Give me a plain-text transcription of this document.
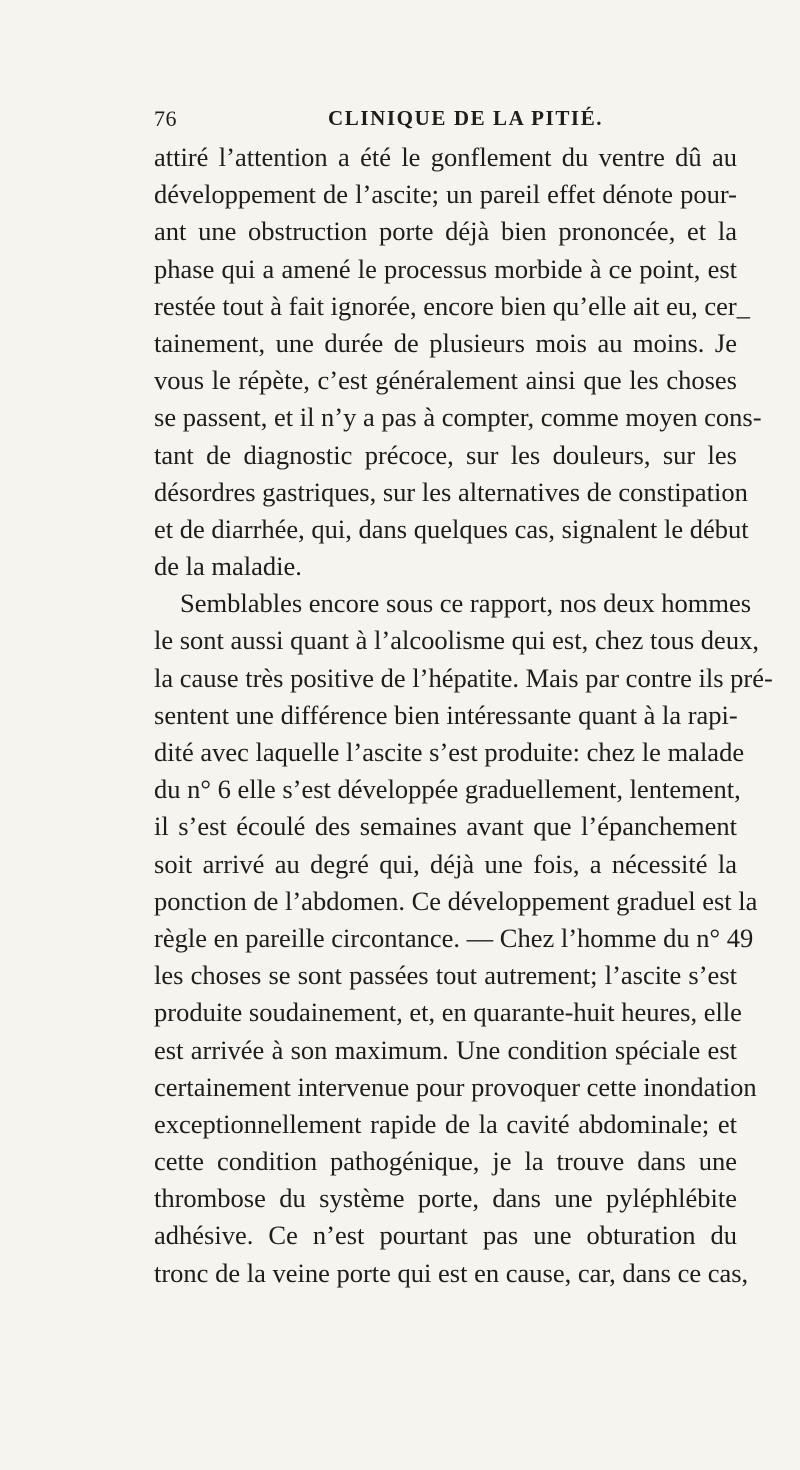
76	CLINIQUE DE LA PITIÉ.
attiré l’attention a été le gonflement du ventre dû au
développement de l’ascite; un pareil effet dénote pour-
ant une obstruction porte déjà bien prononcée, et la
phase qui a amené le processus morbide à ce point, est
restée tout à fait ignorée, encore bien qu’elle ait eu, cer_
tainement, une durée de plusieurs mois au moins. Je
vous le répète, c’est généralement ainsi que les choses
se passent, et il n’y a pas à compter, comme moyen cons-
tant de diagnostic précoce, sur les douleurs, sur les
désordres gastriques, sur les alternatives de constipation
et de diarrhée, qui, dans quelques cas, signalent le début
de la maladie.
Semblables encore sous ce rapport, nos deux hommes
le sont aussi quant à l’alcoolisme qui est, chez tous deux,
la cause très positive de l’hépatite. Mais par contre ils pré-
sentent une différence bien intéressante quant à la rapi-
dité avec laquelle l’ascite s’est produite: chez le malade
du n° 6 elle s’est développée graduellement, lentement,
il s’est écoulé des semaines avant que l’épanchement
soit arrivé au degré qui, déjà une fois, a nécessité la
ponction de l’abdomen. Ce développement graduel est la
règle en pareille circontance. — Chez l’homme du n° 49
les choses se sont passées tout autrement; l’ascite s’est
produite soudainement, et, en quarante-huit heures, elle
est arrivée à son maximum. Une condition spéciale est
certainement intervenue pour provoquer cette inondation
exceptionnellement rapide de la cavité abdominale; et
cette condition pathogénique, je la trouve dans une
thrombose du système porte, dans une pyléphlébite
adhésive. Ce n’est pourtant pas une obturation du
tronc de la veine porte qui est en cause, car, dans ce cas,
